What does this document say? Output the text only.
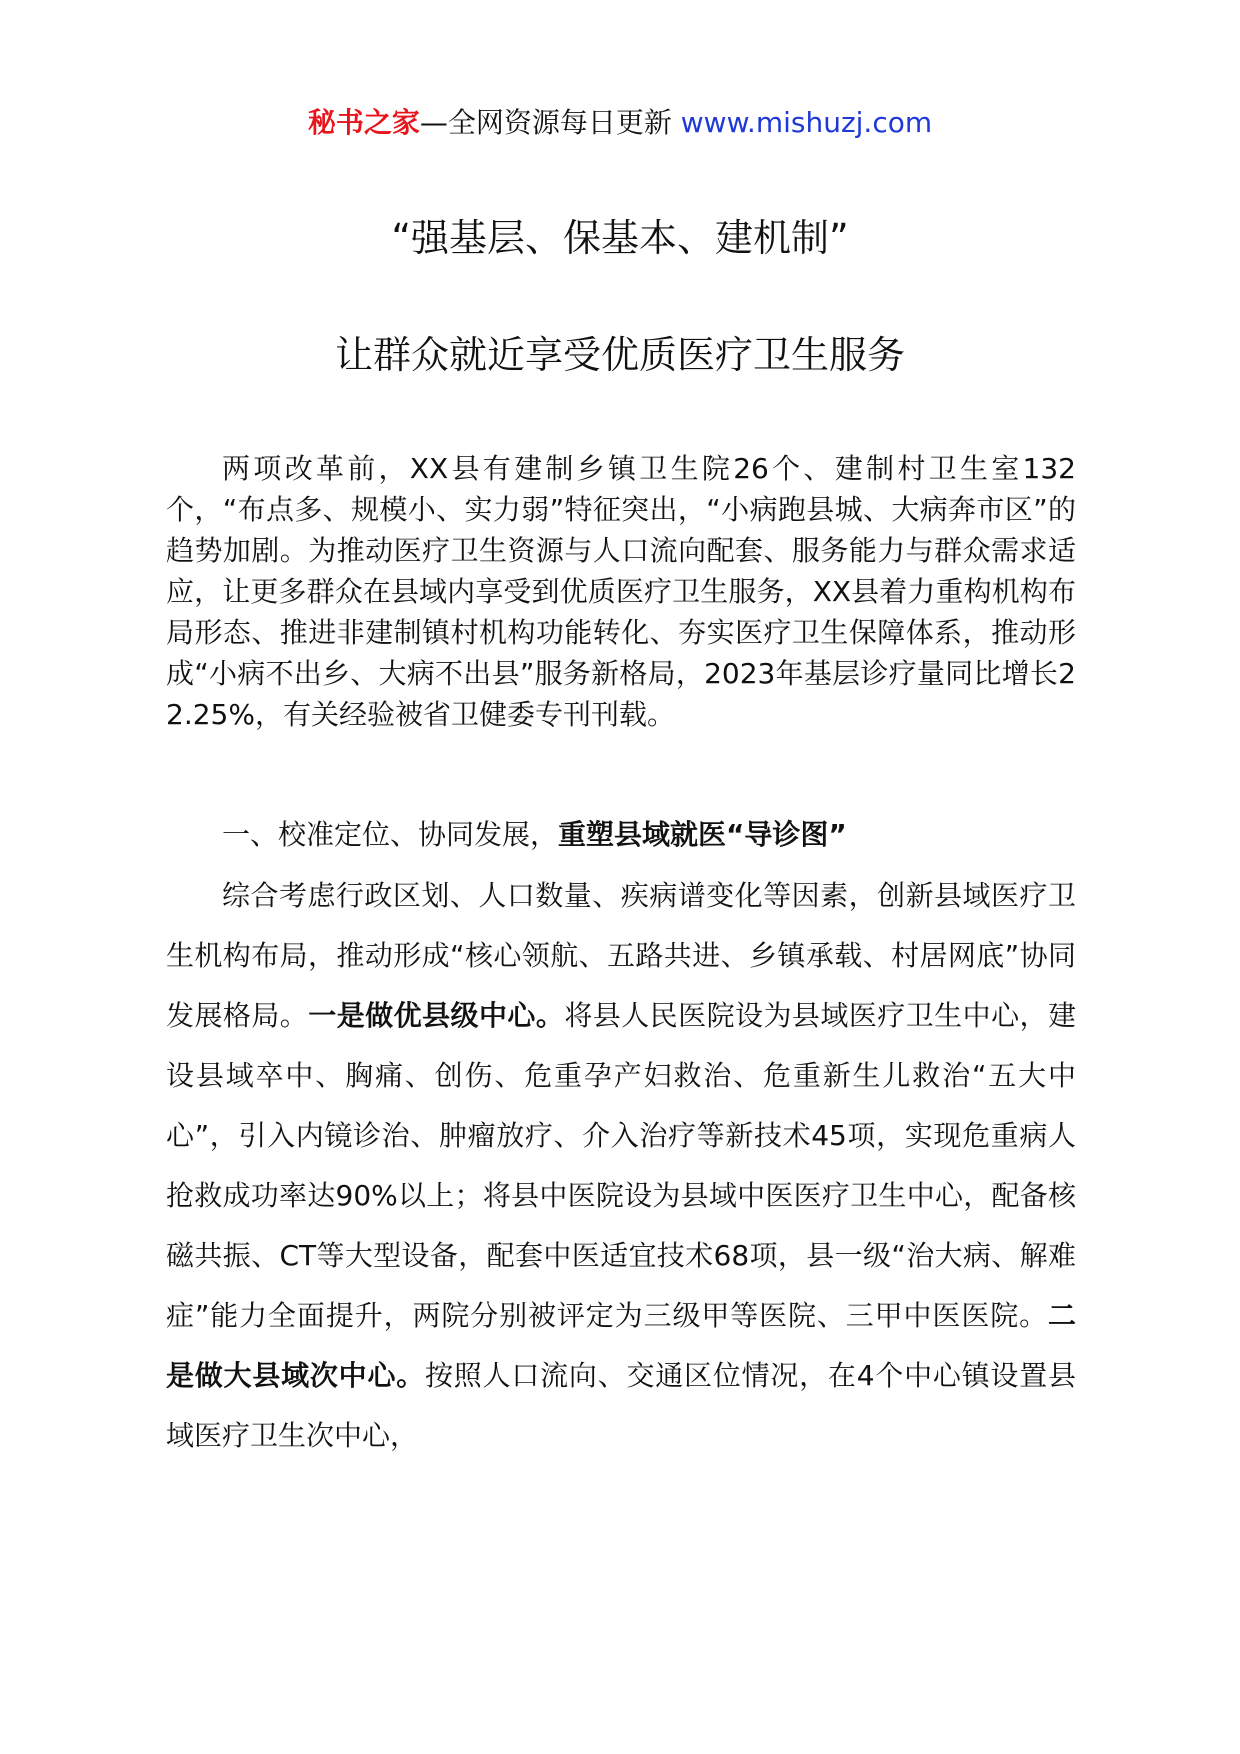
秘书之家—全网资源每日更新 www.mishuzj.com
“强基层、保基本、建机制”
让群众就近享受优质医疗卫生服务

两项改革前，XX县有建制乡镇卫生院26个、建制村卫生室132个，“布点多、规模小、实力弱”特征突出，“小病跑县城、大病奔市区”的趋势加剧。为推动医疗卫生资源与人口流向配套、服务能力与群众需求适应，让更多群众在县域内享受到优质医疗卫生服务，XX县着力重构机构布局形态、推进非建制镇村机构功能转化、夯实医疗卫生保障体系，推动形成“小病不出乡、大病不出县”服务新格局，2023年基层诊疗量同比增长22.25%，有关经验被省卫健委专刊刊载。

一、校准定位、协同发展，重塑县域就医“导诊图”

综合考虑行政区划、人口数量、疾病谱变化等因素，创新县域医疗卫生机构布局，推动形成“核心领航、五路共进、乡镇承载、村居网底”协同发展格局。一是做优县级中心。将县人民医院设为县域医疗卫生中心，建设县域卒中、胸痛、创伤、危重孕产妇救治、危重新生儿救治“五大中心”，引入内镜诊治、肿瘤放疗、介入治疗等新技术45项，实现危重病人抢救成功率达90%以上；将县中医院设为县域中医医疗卫生中心，配备核磁共振、CT等大型设备，配套中医适宜技术68项，县一级“治大病、解难症”能力全面提升，两院分别被评定为三级甲等医院、三甲中医医院。二是做大县域次中心。按照人口流向、交通区位情况，在4个中心镇设置县域医疗卫生次中心，
